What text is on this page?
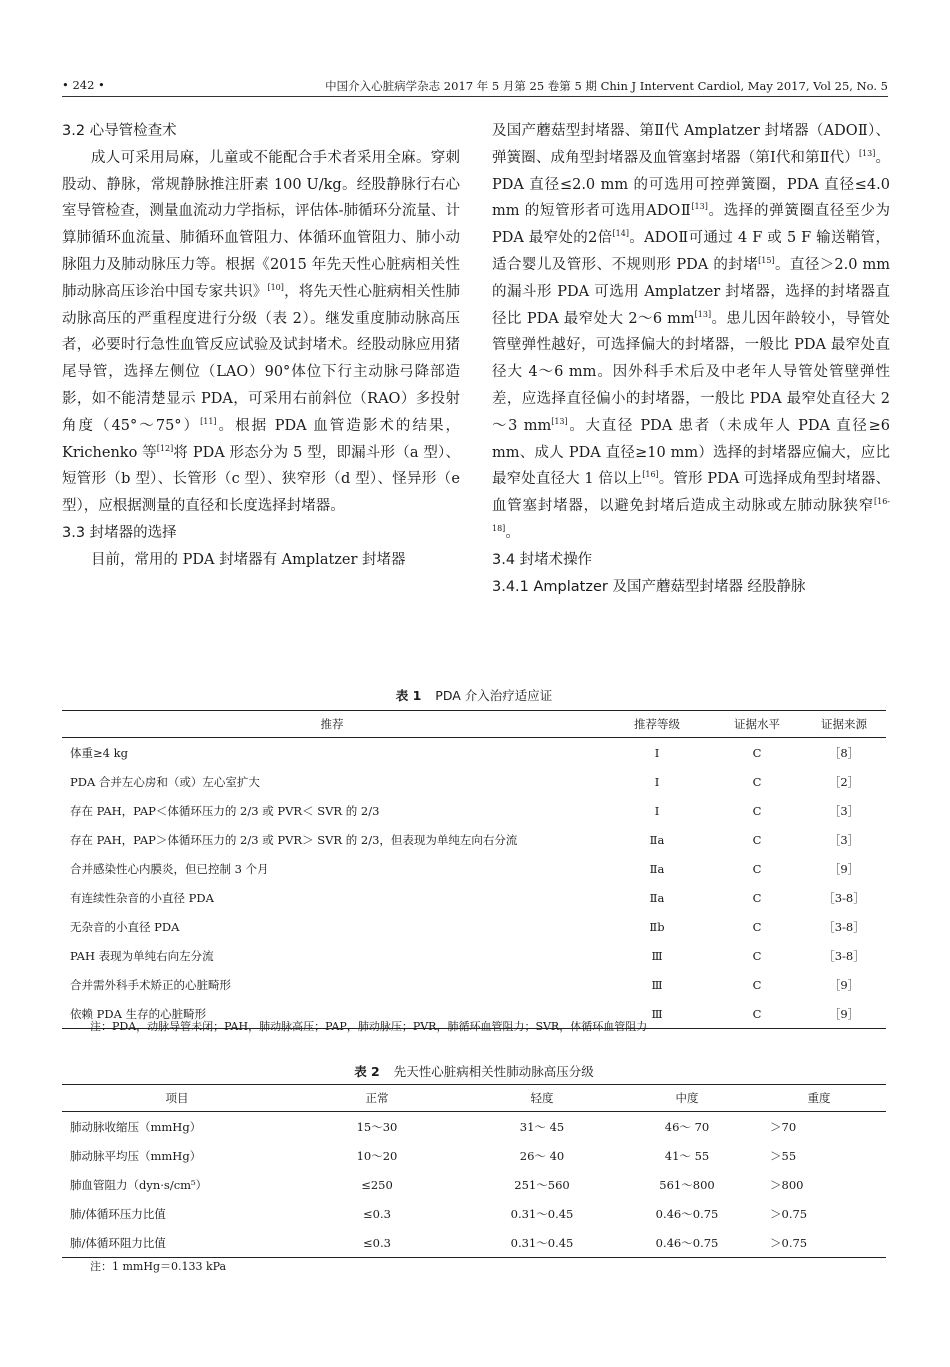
• 242 •	中国介入心脏病学杂志 2017 年 5 月第 25 卷第 5 期 Chin J Intervent Cardiol, May 2017, Vol 25, No. 5

3.2 心导管检查术

成人可采用局麻，儿童或不能配合手术者采用全麻。穿刺股动、静脉，常规静脉推注肝素 100 U/kg。经股静脉行右心室导管检查，测量血流动力学指标，评估体-肺循环分流量、计算肺循环血流量、肺循环血管阻力、体循环血管阻力、肺小动脉阻力及肺动脉压力等。根据《2015 年先天性心脏病相关性肺动脉高压诊治中国专家共识》[10]，将先天性心脏病相关性肺动脉高压的严重程度进行分级（表 2）。继发重度肺动脉高压者，必要时行急性血管反应试验及试封堵术。经股动脉应用猪尾导管，选择左侧位（LAO）90°体位下行主动脉弓降部造影，如不能清楚显示 PDA，可采用右前斜位（RAO）多投射角度（45°～75°）[11]。根据 PDA 血管造影术的结果，Krichenko 等[12]将 PDA 形态分为 5 型，即漏斗形（a 型）、短管形（b 型）、长管形（c 型）、狭窄形（d 型）、怪异形（e 型），应根据测量的直径和长度选择封堵器。

3.3 封堵器的选择

目前，常用的 PDA 封堵器有 Amplatzer 封堵器

及国产蘑菇型封堵器、第Ⅱ代 Amplatzer 封堵器（ADOⅡ）、弹簧圈、成角型封堵器及血管塞封堵器（第Ⅰ代和第Ⅱ代）[13]。PDA 直径≤2.0 mm 的可选用可控弹簧圈，PDA 直径≤4.0 mm 的短管形者可选用ADOⅡ[13]。选择的弹簧圈直径至少为 PDA 最窄处的2倍[14]。ADOⅡ可通过 4 F 或 5 F 输送鞘管，适合婴儿及管形、不规则形 PDA 的封堵[15]。直径＞2.0 mm的漏斗形 PDA 可选用 Amplatzer 封堵器，选择的封堵器直径比 PDA 最窄处大 2～6 mm[13]。患儿因年龄较小，导管处管壁弹性越好，可选择偏大的封堵器，一般比 PDA 最窄处直径大 4～6 mm。因外科手术后及中老年人导管处管壁弹性差，应选择直径偏小的封堵器，一般比 PDA 最窄处直径大 2～3 mm[13]。大直径 PDA 患者（未成年人 PDA 直径≥6 mm、成人 PDA 直径≥10 mm）选择的封堵器应偏大，应比最窄处直径大 1 倍以上[16]。管形 PDA 可选择成角型封堵器、血管塞封堵器，以避免封堵后造成主动脉或左肺动脉狭窄[16-18]。

3.4 封堵术操作

3.4.1 Amplatzer 及国产蘑菇型封堵器 经股静脉

表 1 PDA 介入治疗适应证
推荐	推荐等级	证据水平	证据来源
体重≥4 kg	Ⅰ	C	［8］
PDA 合并左心房和（或）左心室扩大	Ⅰ	C	［2］
存在 PAH，PAP＜体循环压力的 2/3 或 PVR＜ SVR 的 2/3	Ⅰ	C	［3］
存在 PAH，PAP＞体循环压力的 2/3 或 PVR＞ SVR 的 2/3，但表现为单纯左向右分流	Ⅱa	C	［3］
合并感染性心内膜炎，但已控制 3 个月	Ⅱa	C	［9］
有连续性杂音的小直径 PDA	Ⅱa	C	［3-8］
无杂音的小直径 PDA	Ⅱb	C	［3-8］
PAH 表现为单纯右向左分流	Ⅲ	C	［3-8］
合并需外科手术矫正的心脏畸形	Ⅲ	C	［9］
依赖 PDA 生存的心脏畸形	Ⅲ	C	［9］
注：PDA，动脉导管未闭；PAH，肺动脉高压；PAP，肺动脉压；PVR，肺循环血管阻力；SVR，体循环血管阻力
表 2 先天性心脏病相关性肺动脉高压分级
项目	正常	轻度	中度	重度
肺动脉收缩压（mmHg）	15～30	31～ 45	46～ 70	＞70
肺动脉平均压（mmHg）	10～20	26～ 40	41～ 55	＞55
肺血管阻力（dyn·s/cm⁵）	≤250	251～560	561～800	＞800
肺/体循环压力比值	≤0.3	0.31～0.45	0.46～0.75	＞0.75
肺/体循环阻力比值	≤0.3	0.31～0.45	0.46～0.75	＞0.75
注：1 mmHg＝0.133 kPa
